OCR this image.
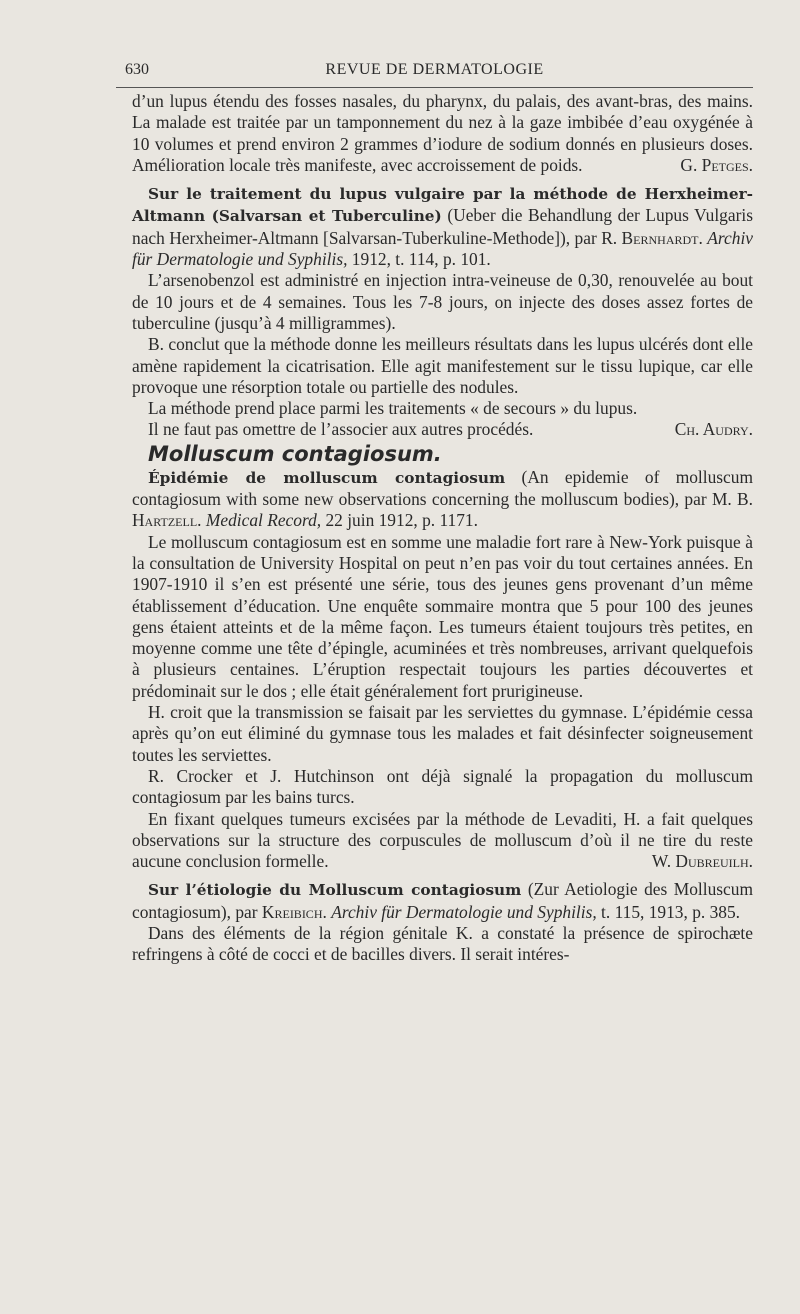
630	REVUE DE DERMATOLOGIE

d’un lupus étendu des fosses nasales, du pharynx, du palais, des avant-bras, des mains. La malade est traitée par un tamponnement du nez à la gaze imbibée d’eau oxygénée à 10 volumes et prend environ 2 grammes d’iodure de sodium donnés en plusieurs doses. Amélioration locale très manifeste, avec accroissement de poids.	G. Petges.

Sur le traitement du lupus vulgaire par la méthode de Herxheimer-Altmann (Salvarsan et Tuberculine) (Ueber die Behandlung der Lupus Vulgaris nach Herxheimer-Altmann [Salvarsan-Tuberkuline-Methode]), par R. Bernhardt. Archiv für Dermatologie und Syphilis, 1912, t. 114, p. 101.

L’arsenobenzol est administré en injection intra-veineuse de 0,30, renouvelée au bout de 10 jours et de 4 semaines. Tous les 7-8 jours, on injecte des doses assez fortes de tuberculine (jusqu’à 4 milligrammes).

B. conclut que la méthode donne les meilleurs résultats dans les lupus ulcérés dont elle amène rapidement la cicatrisation. Elle agit manifestement sur le tissu lupique, car elle provoque une résorption totale ou partielle des nodules.

La méthode prend place parmi les traitements « de secours » du lupus.

Il ne faut pas omettre de l’associer aux autres procédés.	Ch. Audry.

Molluscum contagiosum.

Épidémie de molluscum contagiosum (An epidemie of molluscum contagiosum with some new observations concerning the molluscum bodies), par M. B. Hartzell. Medical Record, 22 juin 1912, p. 1171.

Le molluscum contagiosum est en somme une maladie fort rare à New-York puisque à la consultation de University Hospital on peut n’en pas voir du tout certaines années. En 1907-1910 il s’en est présenté une série, tous des jeunes gens provenant d’un même établissement d’éducation. Une enquête sommaire montra que 5 pour 100 des jeunes gens étaient atteints et de la même façon. Les tumeurs étaient toujours très petites, en moyenne comme une tête d’épingle, acuminées et très nombreuses, arrivant quelquefois à plusieurs centaines. L’éruption respectait toujours les parties découvertes et prédominait sur le dos ; elle était généralement fort prurigineuse.

H. croit que la transmission se faisait par les serviettes du gymnase. L’épidémie cessa après qu’on eut éliminé du gymnase tous les malades et fait désinfecter soigneusement toutes les serviettes.

R. Crocker et J. Hutchinson ont déjà signalé la propagation du molluscum contagiosum par les bains turcs.

En fixant quelques tumeurs excisées par la méthode de Levaditi, H. a fait quelques observations sur la structure des corpuscules de molluscum d’où il ne tire du reste aucune conclusion formelle.	W. Dubreuilh.

Sur l’étiologie du Molluscum contagiosum (Zur Aetiologie des Molluscum contagiosum), par Kreibich. Archiv für Dermatologie und Syphilis, t. 115, 1913, p. 385.

Dans des éléments de la région génitale K. a constaté la présence de spirochæte refringens à côté de cocci et de bacilles divers. Il serait intéres-
